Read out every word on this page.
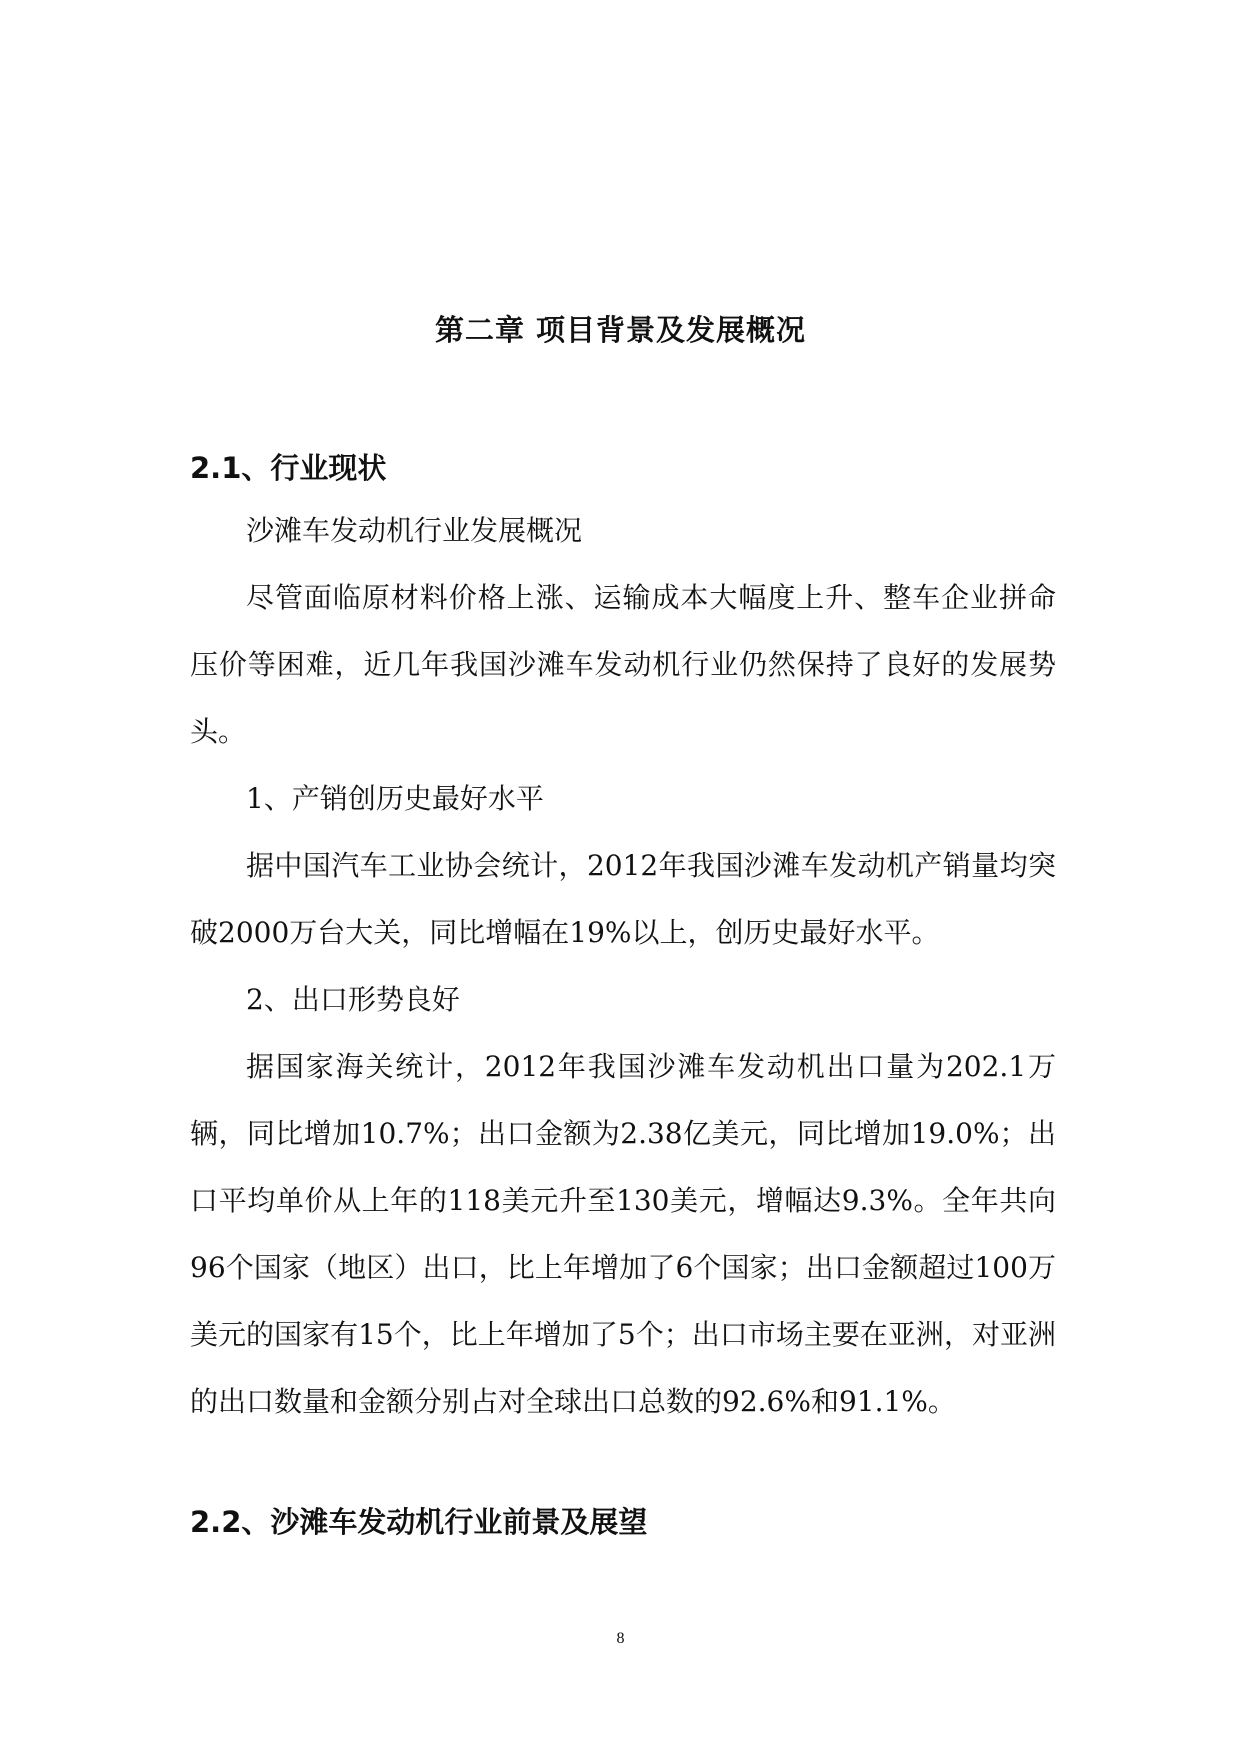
第二章 项目背景及发展概况
2.1、行业现状

沙滩车发动机行业发展概况

尽管面临原材料价格上涨、运输成本大幅度上升、整车企业拼命压价等困难，近几年我国沙滩车发动机行业仍然保持了良好的发展势头。

1、产销创历史最好水平

据中国汽车工业协会统计，2012年我国沙滩车发动机产销量均突破2000万台大关，同比增幅在19%以上，创历史最好水平。

2、出口形势良好

据国家海关统计，2012年我国沙滩车发动机出口量为202.1万辆，同比增加10.7%；出口金额为2.38亿美元，同比增加19.0%；出口平均单价从上年的118美元升至130美元，增幅达9.3%。全年共向96个国家（地区）出口，比上年增加了6个国家；出口金额超过100万美元的国家有15个，比上年增加了5个；出口市场主要在亚洲，对亚洲的出口数量和金额分别占对全球出口总数的92.6%和91.1%。

2.2、沙滩车发动机行业前景及展望
8
